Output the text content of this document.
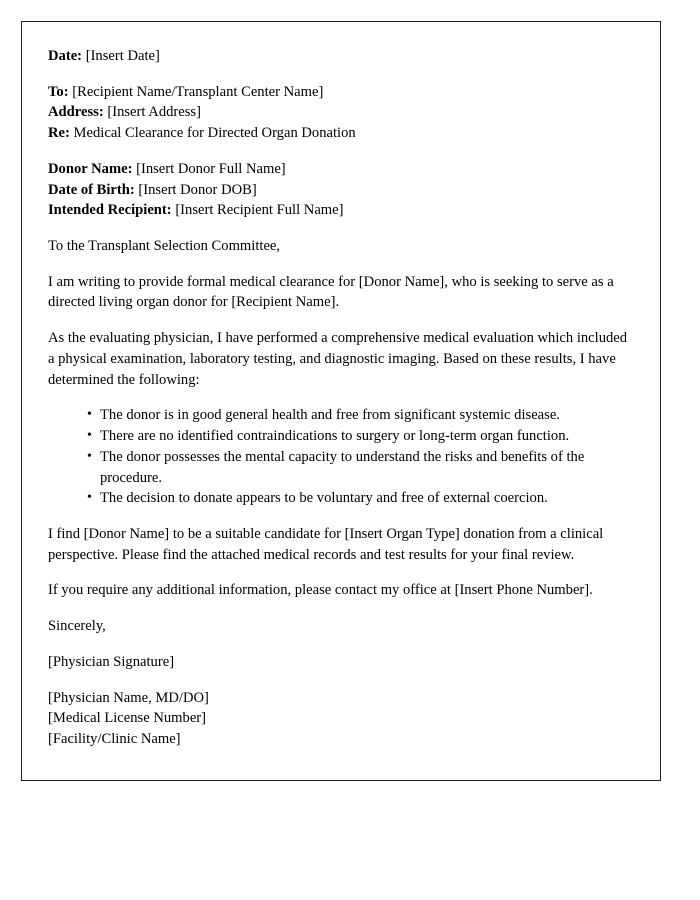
Date: [Insert Date]
To: [Recipient Name/Transplant Center Name]
Address: [Insert Address]
Re: Medical Clearance for Directed Organ Donation
Donor Name: [Insert Donor Full Name]
Date of Birth: [Insert Donor DOB]
Intended Recipient: [Insert Recipient Full Name]

To the Transplant Selection Committee,

I am writing to provide formal medical clearance for [Donor Name], who is seeking to serve as a directed living organ donor for [Recipient Name].

As the evaluating physician, I have performed a comprehensive medical evaluation which included a physical examination, laboratory testing, and diagnostic imaging. Based on these results, I have determined the following:

• The donor is in good general health and free from significant systemic disease.
• There are no identified contraindications to surgery or long-term organ function.
• The donor possesses the mental capacity to understand the risks and benefits of the procedure.
• The decision to donate appears to be voluntary and free of external coercion.

I find [Donor Name] to be a suitable candidate for [Insert Organ Type] donation from a clinical perspective. Please find the attached medical records and test results for your final review.

If you require any additional information, please contact my office at [Insert Phone Number].

Sincerely,

[Physician Signature]

[Physician Name, MD/DO]
[Medical License Number]
[Facility/Clinic Name]
